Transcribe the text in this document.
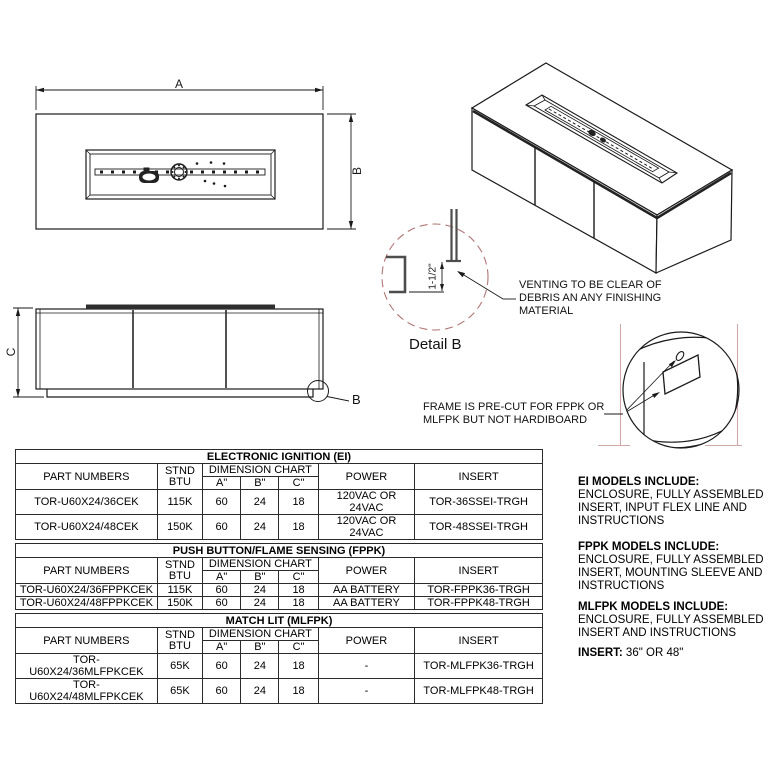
A
B
C
B
Detail B
1-1/2"	VENTING TO BE CLEAR OF DEBRIS AN ANY FINISHING MATERIAL
FRAME IS PRE-CUT FOR FPPK OR MLFPK BUT NOT HARDIBOARD
ELECTRONIC IGNITION (EI)						
PART NUMBERS	STND
BTU	DIMENSION CHART			POWER	INSERT
		A"	B"	C"		
TOR-U60X24/36CEK	115K	60	24	18	120VAC OR 24VAC	TOR-36SSEI-TRGH
TOR-U60X24/48CEK	150K	60	24	18	120VAC OR 24VAC	TOR-48SSEI-TRGH
PUSH BUTTON/FLAME SENSING (FPPK)						
PART NUMBERS	STND
BTU	DIMENSION CHART			POWER	INSERT
		A"	B"	C"		
TOR-U60X24/36FPPKCEK	115K	60	24	18	AA BATTERY	TOR-FPPK36-TRGH
TOR-U60X24/48FPPKCEK	150K	60	24	18	AA BATTERY	TOR-FPPK48-TRGH
MATCH LIT (MLFPK)						
PART NUMBERS	STND
BTU	DIMENSION CHART			POWER	INSERT
		A"	B"	C"		
TOR-U60X24/36MLFPKCEK	65K	60	24	18	-	TOR-MLFPK36-TRGH
TOR-U60X24/48MLFPKCEK	65K	60	24	18	-	TOR-MLFPK48-TRGH

EI MODELS INCLUDE: ENCLOSURE, FULLY ASSEMBLED INSERT, INPUT FLEX LINE AND INSTRUCTIONS

FPPK MODELS INCLUDE: ENCLOSURE, FULLY ASSEMBLED INSERT, MOUNTING SLEEVE AND INSTRUCTIONS

MLFPK MODELS INCLUDE: ENCLOSURE, FULLY ASSEMBLED INSERT AND INSTRUCTIONS

INSERT: 36" OR 48"
